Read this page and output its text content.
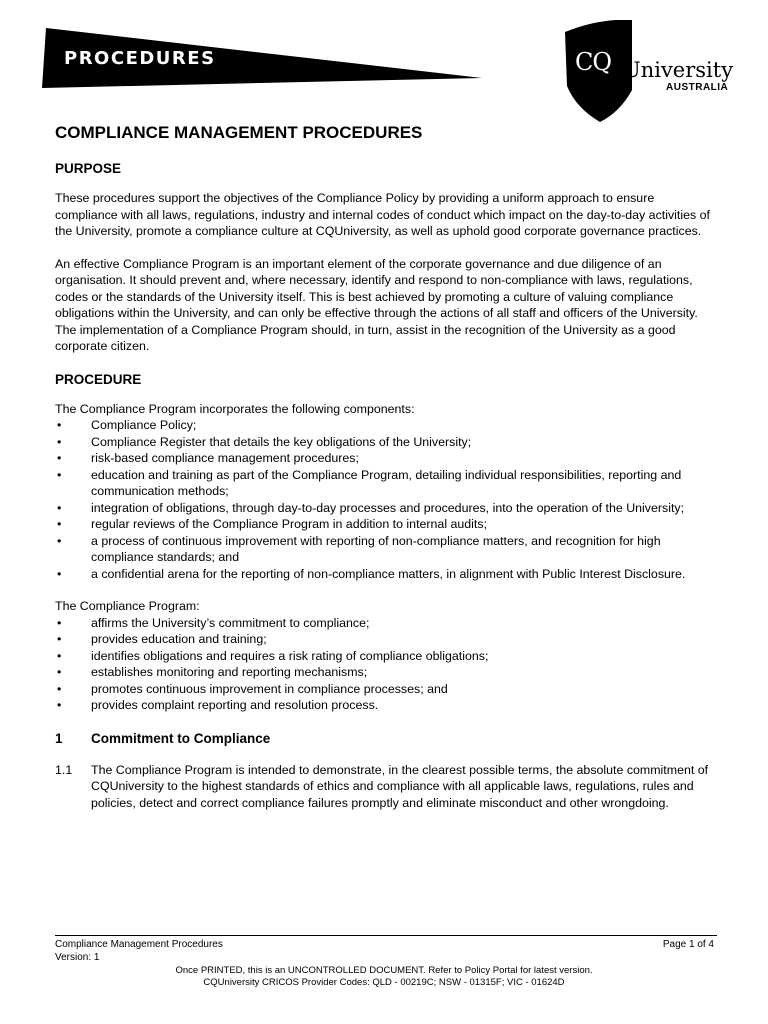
PROCEDURES	CQ University
AUSTRALIA
COMPLIANCE MANAGEMENT PROCEDURES
PURPOSE

These procedures support the objectives of the Compliance Policy by providing a uniform approach to ensure compliance with all laws, regulations, industry and internal codes of conduct which impact on the day-to-day activities of the University, promote a compliance culture at CQUniversity, as well as uphold good corporate governance practices.

An effective Compliance Program is an important element of the corporate governance and due diligence of an organisation. It should prevent and, where necessary, identify and respond to non-compliance with laws, regulations, codes or the standards of the University itself. This is best achieved by promoting a culture of valuing compliance obligations within the University, and can only be effective through the actions of all staff and officers of the University. The implementation of a Compliance Program should, in turn, assist in the recognition of the University as a good corporate citizen.

PROCEDURE

The Compliance Program incorporates the following components:

• Compliance Policy;
• Compliance Register that details the key obligations of the University;
• risk-based compliance management procedures;
• education and training as part of the Compliance Program, detailing individual responsibilities, reporting and communication methods;
• integration of obligations, through day-to-day processes and procedures, into the operation of the University;
• regular reviews of the Compliance Program in addition to internal audits;
• a process of continuous improvement with reporting of non-compliance matters, and recognition for high compliance standards; and
• a confidential arena for the reporting of non-compliance matters, in alignment with Public Interest Disclosure.

The Compliance Program:

• affirms the University’s commitment to compliance;
• provides education and training;
• identifies obligations and requires a risk rating of compliance obligations;
• establishes monitoring and reporting mechanisms;
• promotes continuous improvement in compliance processes; and
• provides complaint reporting and resolution process.
1	Commitment to Compliance
1.1	The Compliance Program is intended to demonstrate, in the clearest possible terms, the absolute commitment of CQUniversity to the highest standards of ethics and compliance with all applicable laws, regulations, rules and policies, detect and correct compliance failures promptly and eliminate misconduct and other wrongdoing.
Compliance Management Procedures
Version: 1
Page 1 of 4
Once PRINTED, this is an UNCONTROLLED DOCUMENT. Refer to Policy Portal for latest version.
CQUniversity CRICOS Provider Codes: QLD - 00219C; NSW - 01315F; VIC - 01624D
